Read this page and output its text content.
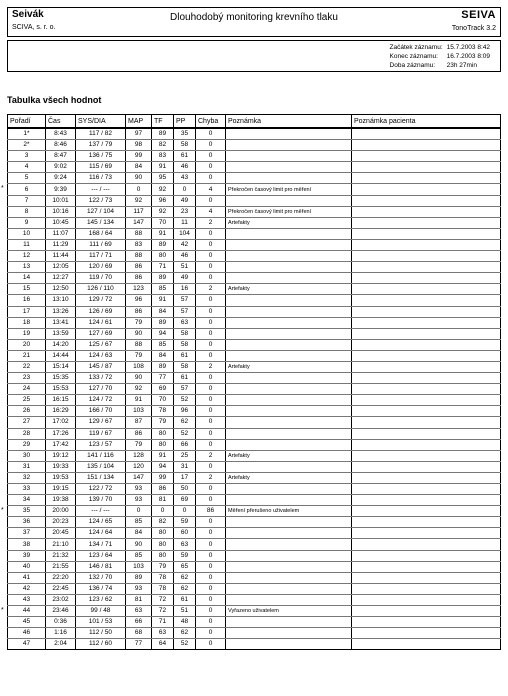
Seivák
SCIVA, s. r. o.
Dlouhodobý monitoring krevního tlaku	SEIVA
TonoTrack 3.2
Začátek záznamu:	15.7.2003 8:42
Konec záznamu:	16.7.2003 8:09
Doba záznamu:	23h 27min
Tabulka všech hodnot
Pořadí	Čas	SYS/DIA	MAP	TF	PP	Chyba	Poznámka	Poznámka pacienta

1*	8:43	117 / 82	97	89	35	0		

2*	8:46	137 / 79	98	82	58	0		

3	8:47	136 / 75	99	83	61	0		

4	9:02	115 / 69	84	91	46	0		

5	9:24	116 / 73	90	95	43	0		

* 6	9:39	--- / ---	0	92	0	4	Překročen časový limit pro měření	

7	10:01	122 / 73	92	96	49	0		

8	10:16	127 / 104	117	92	23	4	Překročen časový limit pro měření	

9	10:45	145 / 134	147	70	11	2	Artefakty	

10	11:07	168 / 64	88	91	104	0		

11	11:29	111 / 69	83	89	42	0		

12	11:44	117 / 71	88	80	46	0		

13	12:05	120 / 69	86	71	51	0		

14	12:27	119 / 70	86	89	49	0		

15	12:50	126 / 110	123	85	16	2	Artefakty	

16	13:10	129 / 72	96	91	57	0		

17	13:26	126 / 69	86	84	57	0		

18	13:41	124 / 61	79	89	63	0		

19	13:59	127 / 69	90	94	58	0		

20	14:20	125 / 67	88	85	58	0		

21	14:44	124 / 63	79	84	61	0		

22	15:14	145 / 87	108	89	58	2	Artefakty	

23	15:35	133 / 72	90	77	61	0		

24	15:53	127 / 70	92	69	57	0		

25	16:15	124 / 72	91	70	52	0		

26	16:29	166 / 70	103	78	96	0		

27	17:02	129 / 67	87	79	62	0		

28	17:26	119 / 67	86	80	52	0		

29	17:42	123 / 57	79	80	66	0		

30	19:12	141 / 116	128	91	25	2	Artefakty	

31	19:33	135 / 104	120	94	31	0		

32	19:53	151 / 134	147	99	17	2	Artefakty	

33	19:15	122 / 72	93	86	50	0		

34	19:38	139 / 70	93	81	69	0		

* 35	20:00	--- / ---	0	0	0	86	Měření přerušeno uživatelem	

36	20:23	124 / 65	85	82	59	0		

37	20:45	124 / 64	84	80	60	0		

38	21:10	134 / 71	90	80	63	0		

39	21:32	123 / 64	85	80	59	0		

40	21:55	146 / 81	103	79	65	0		

41	22:20	132 / 70	89	78	62	0		

42	22:45	136 / 74	93	78	62	0		

43	23:02	123 / 62	81	72	61	0		

* 44	23:46	99 / 48	63	72	51	0	Vyřazeno uživatelem	

45	0:36	101 / 53	66	71	48	0		

46	1:16	112 / 50	68	63	62	0		

47	2:04	112 / 60	77	64	52	0		
